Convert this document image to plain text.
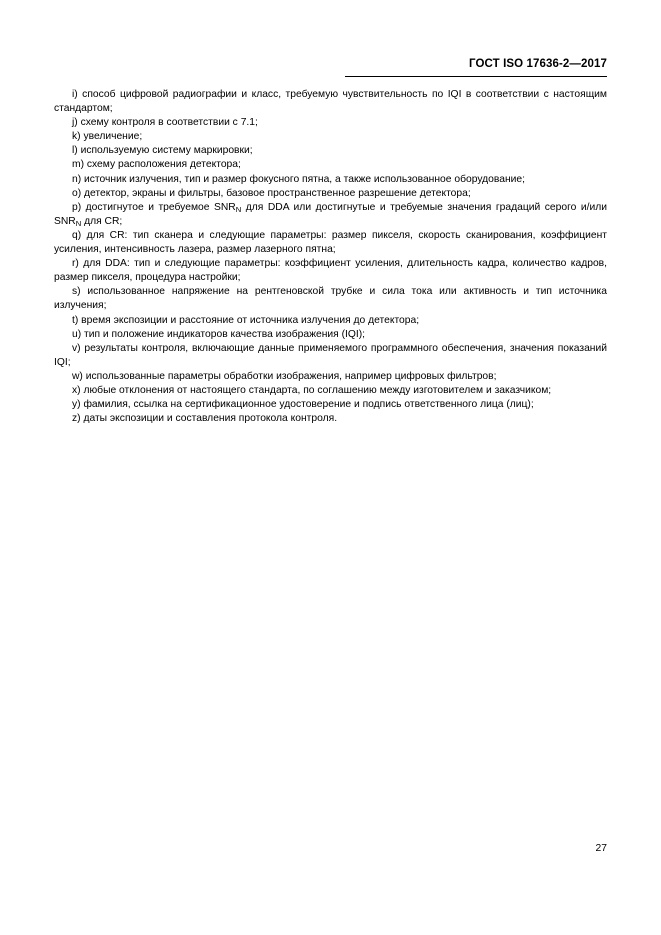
ГОСТ ISO 17636-2—2017

i) способ цифровой радиографии и класс, требуемую чувствительность по IQI в соответствии с настоящим стандартом;

j) схему контроля в соответствии с 7.1;

k) увеличение;

l) используемую систему маркировки;

m) схему расположения детектора;

n) источник излучения, тип и размер фокусного пятна, а также использованное оборудование;

o) детектор, экраны и фильтры, базовое пространственное разрешение детектора;

p) достигнутое и требуемое $SNR_N$ для DDA или достигнутые и требуемые значения градаций серого и/или $SNR_N$ для CR;

q) для CR: тип сканера и следующие параметры: размер пикселя, скорость сканирования, коэффициент усиления, интенсивность лазера, размер лазерного пятна;

r) для DDA: тип и следующие параметры: коэффициент усиления, длительность кадра, количество кадров, размер пикселя, процедура настройки;

s) использованное напряжение на рентгеновской трубке и сила тока или активность и тип источника излучения;

t) время экспозиции и расстояние от источника излучения до детектора;

u) тип и положение индикаторов качества изображения (IQI);

v) результаты контроля, включающие данные применяемого программного обеспечения, значения показаний IQI;

w) использованные параметры обработки изображения, например цифровых фильтров;

x) любые отклонения от настоящего стандарта, по соглашению между изготовителем и заказчиком;

y) фамилия, ссылка на сертификационное удостоверение и подпись ответственного лица (лиц);

z) даты экспозиции и составления протокола контроля.

27
